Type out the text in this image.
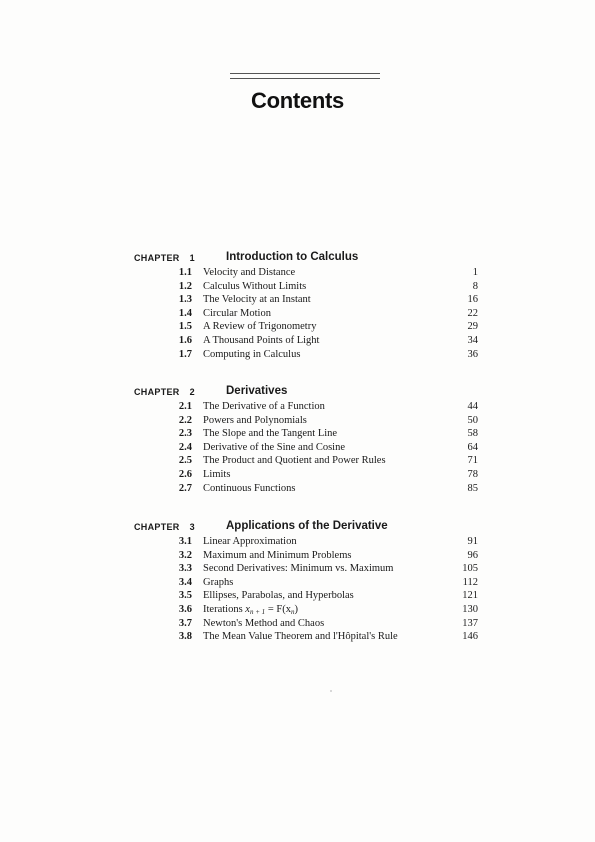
Contents
CHAPTER 1	Introduction to Calculus
1.1 Velocity and Distance	1
1.2 Calculus Without Limits	8
1.3 The Velocity at an Instant	16
1.4 Circular Motion	22
1.5 A Review of Trigonometry	29
1.6 A Thousand Points of Light	34
1.7 Computing in Calculus	36
CHAPTER 2	Derivatives
2.1 The Derivative of a Function	44
2.2 Powers and Polynomials	50
2.3 The Slope and the Tangent Line	58
2.4 Derivative of the Sine and Cosine	64
2.5 The Product and Quotient and Power Rules	71
2.6 Limits	78
2.7 Continuous Functions	85
CHAPTER 3	Applications of the Derivative
3.1 Linear Approximation	91
3.2 Maximum and Minimum Problems	96
3.3 Second Derivatives: Minimum vs. Maximum	105
3.4 Graphs	112
3.5 Ellipses, Parabolas, and Hyperbolas	121
3.6 Iterations $x_{n + 1} = F(x_n)$	130
3.7 Newton's Method and Chaos	137
3.8 The Mean Value Theorem and l'Hôpital's Rule	146
